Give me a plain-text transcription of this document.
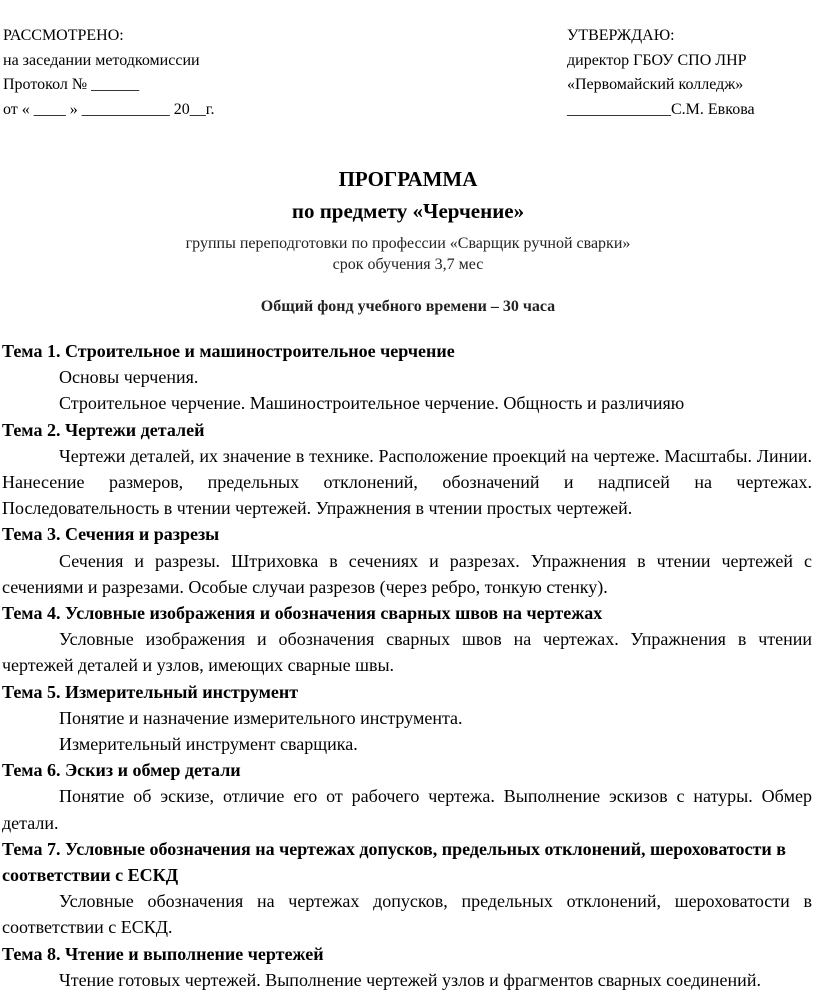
РАССМОТРЕНО:
на заседании методкомиссии
Протокол № ______
от « ____ » ___________ 20__г.
УТВЕРЖДАЮ:
директор ГБОУ СПО ЛНР
«Первомайский колледж»
_____________С.М. Евкова
ПРОГРАММА
по предмету «Черчение»
группы переподготовки по профессии «Сварщик ручной сварки»
срок обучения 3,7 мес
Общий фонд учебного времени – 30 часа

Тема 1. Строительное и машиностроительное черчение

Основы черчения.

Строительное черчение. Машиностроительное черчение. Общность и различияю

Тема 2. Чертежи деталей

Чертежи деталей, их значение в технике. Расположение проекций на чертеже. Масштабы. Линии. Нанесение размеров, предельных отклонений, обозначений и надписей на чертежах. Последовательность в чтении чертежей. Упражнения в чтении простых чертежей.

Тема 3. Сечения и разрезы

Сечения и разрезы. Штриховка в сечениях и разрезах. Упражнения в чтении чертежей с сечениями и разрезами. Особые случаи разрезов (через ребро, тонкую стенку).

Тема 4. Условные изображения и обозначения сварных швов на чертежах

Условные изображения и обозначения сварных швов на чертежах. Упражнения в чтении чертежей деталей и узлов, имеющих сварные швы.

Тема 5. Измерительный инструмент

Понятие и назначение измерительного инструмента.

Измерительный инструмент сварщика.

Тема 6. Эскиз и обмер детали

Понятие об эскизе, отличие его от рабочего чертежа. Выполнение эскизов с натуры. Обмер детали.

Тема 7. Условные обозначения на чертежах допусков, предельных отклонений, шероховатости в соответствии с ЕСКД

Условные обозначения на чертежах допусков, предельных отклонений, шероховатости в соответствии с ЕСКД.

Тема 8. Чтение и выполнение чертежей

Чтение готовых чертежей. Выполнение чертежей узлов и фрагментов сварных соединений.
